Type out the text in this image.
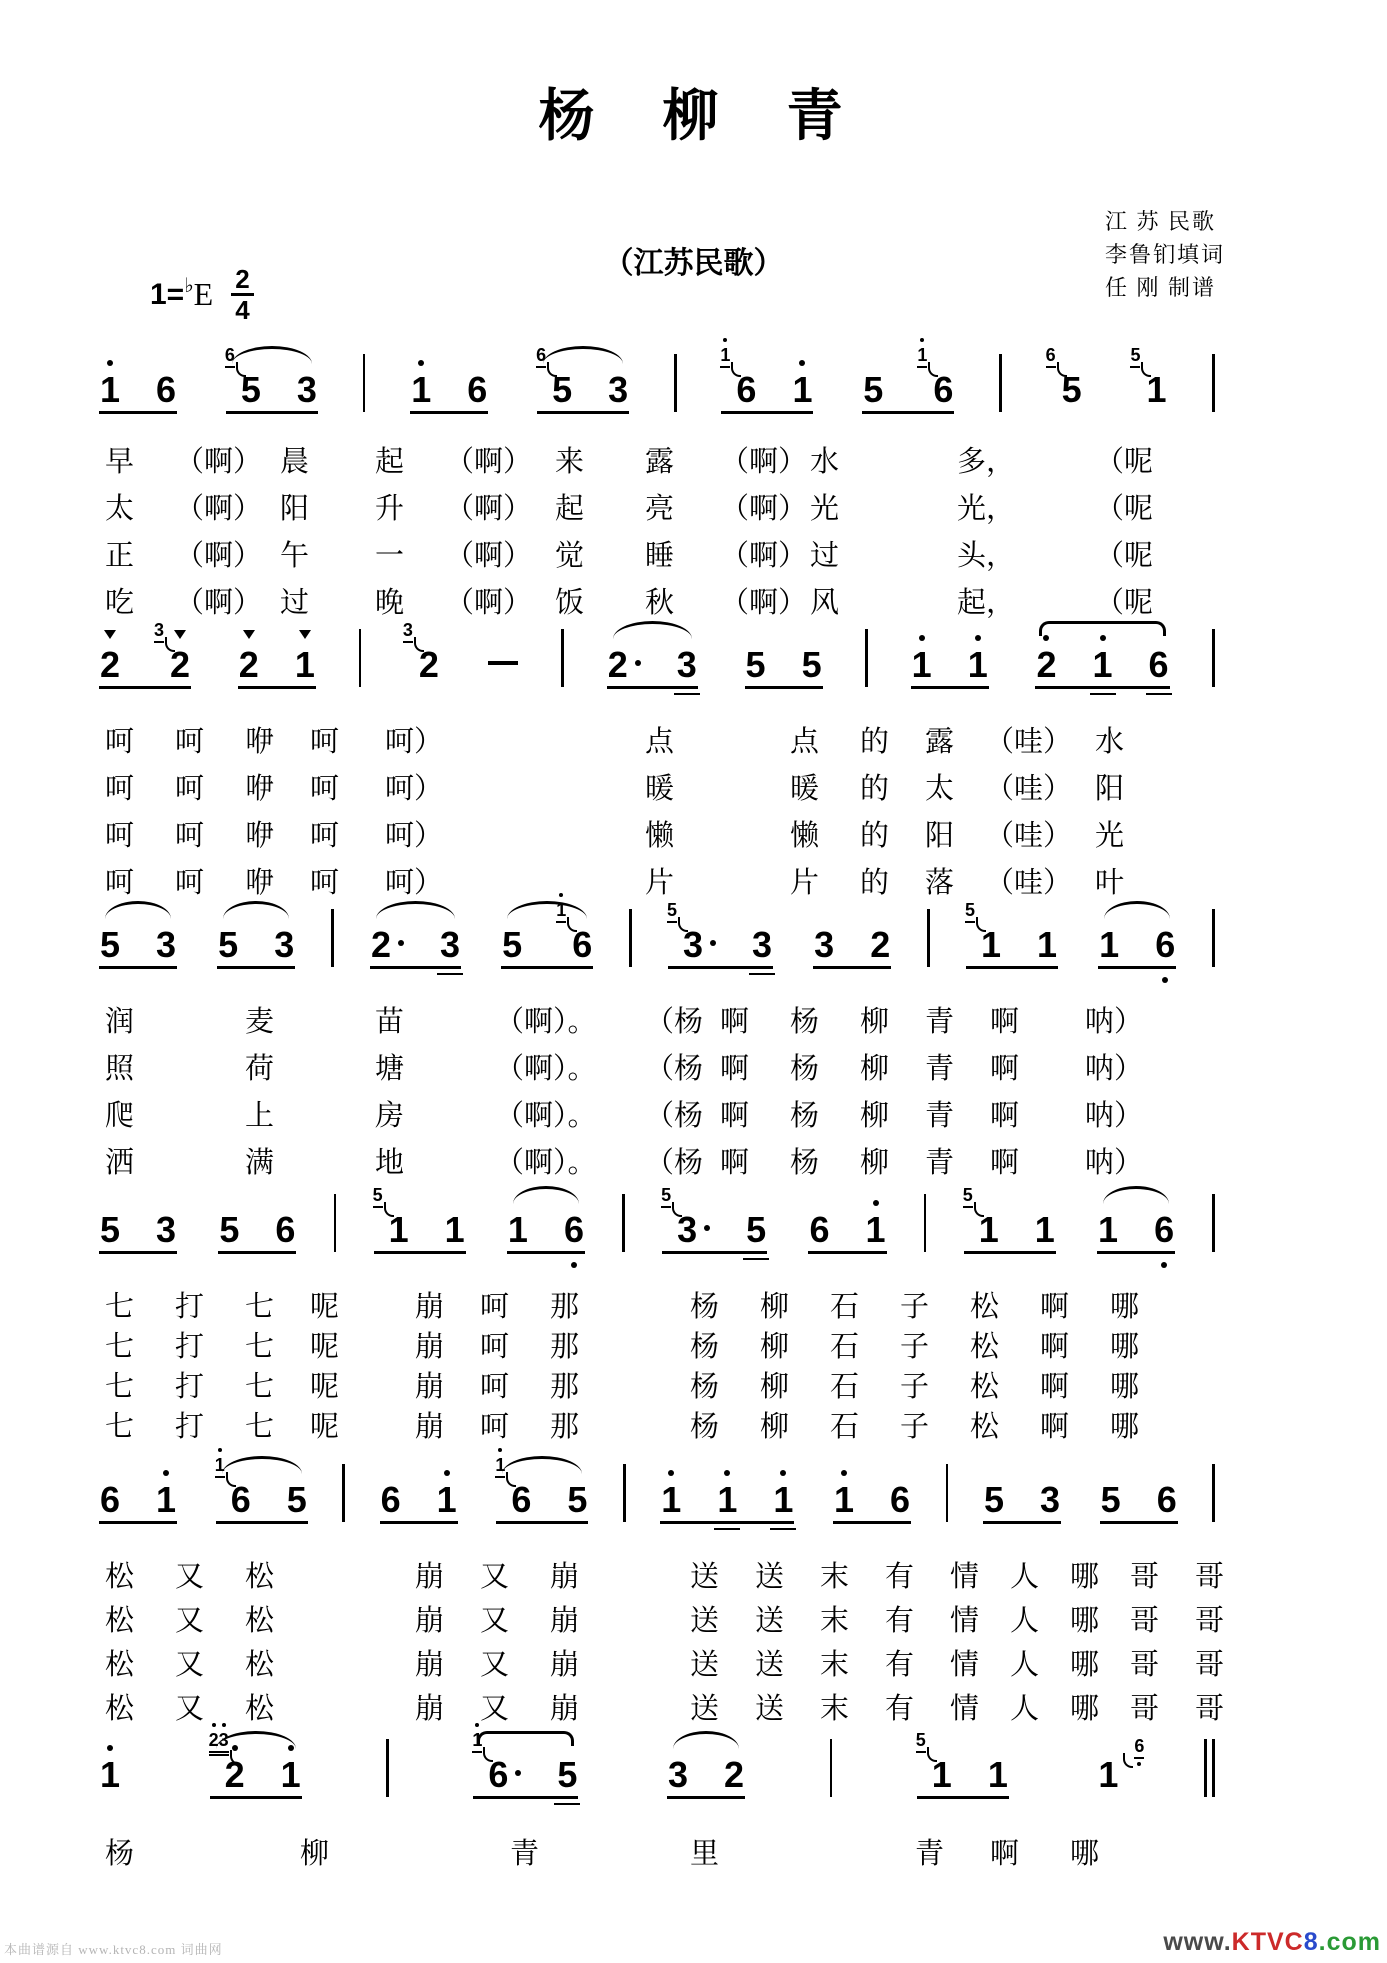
杨　柳　青
（江苏民歌）
江 苏 民歌
李鲁钔填词
任 刚 制谱
1= ♭ E $\frac{2}{4}$
1 6
6
5 3	1 6
6
5 3
1
6 1 5
1
6
6
5
5
1
2
3
2 2 1
3
2	2	3 5 5	1 1 2 1 6
5 3 5 3 2	3 5
1
6
5
3	3 3 2
5
1 1 1 6
5 3 5 6
5
1 1 1 6
5
3	5 6 1
5
1 1 1 6
6 1
1
6 5 6 1
1
6 5 1 1 1 1 6 5 3 5 6
1
2 3
2 1
1
6	5	3 2
5
1 1	1
6
早 （啊） 晨 起 （啊） 来 露 （啊） 水	多，	（呢
太 （啊） 阳 升 （啊） 起 亮 （啊） 光	光，	（呢
正 （啊） 午 一 （啊） 觉 睡 （啊） 过	头，	（呢
吃 （啊） 过 晚 （啊） 饭 秋 （啊） 风	起，	（呢
呵 呵 咿 呵 呵）	点	点 的 露 （哇） 水
呵 呵 咿 呵 呵）	暖	暖 的 太 （哇） 阳
呵 呵 咿 呵 呵）	懒	懒 的 阳 （哇） 光
呵 呵 咿 呵 呵）	片	片 的 落 （哇） 叶
润	麦	苗	（啊）。 （杨 啊 杨 柳 青 啊 呐）
照	荷	塘	（啊）。 （杨 啊 杨 柳 青 啊 呐）
爬	上	房	（啊）。 （杨 啊 杨 柳 青 啊 呐）
洒	满	地	（啊）。 （杨 啊 杨 柳 青 啊 呐）
七 打 七 呢	崩 呵 那	杨 柳 石 子 松 啊 哪
七 打 七 呢	崩 呵 那	杨 柳 石 子 松 啊 哪
七 打 七 呢	崩 呵 那	杨 柳 石 子 松 啊 哪
七 打 七 呢	崩 呵 那	杨 柳 石 子 松 啊 哪
松 又 松	崩 又 崩	送 送 末 有 情 人 哪 哥 哥
松 又 松	崩 又 崩	送 送 末 有 情 人 哪 哥 哥
松 又 松	崩 又 崩	送 送 末 有 情 人 哪 哥 哥
松 又 松	崩 又 崩	送 送 末 有 情 人 哪 哥 哥
杨	柳	青	里	青 啊 哪
本曲谱源自 www.ktvc8.com 词曲网	www.KTVC8.com
